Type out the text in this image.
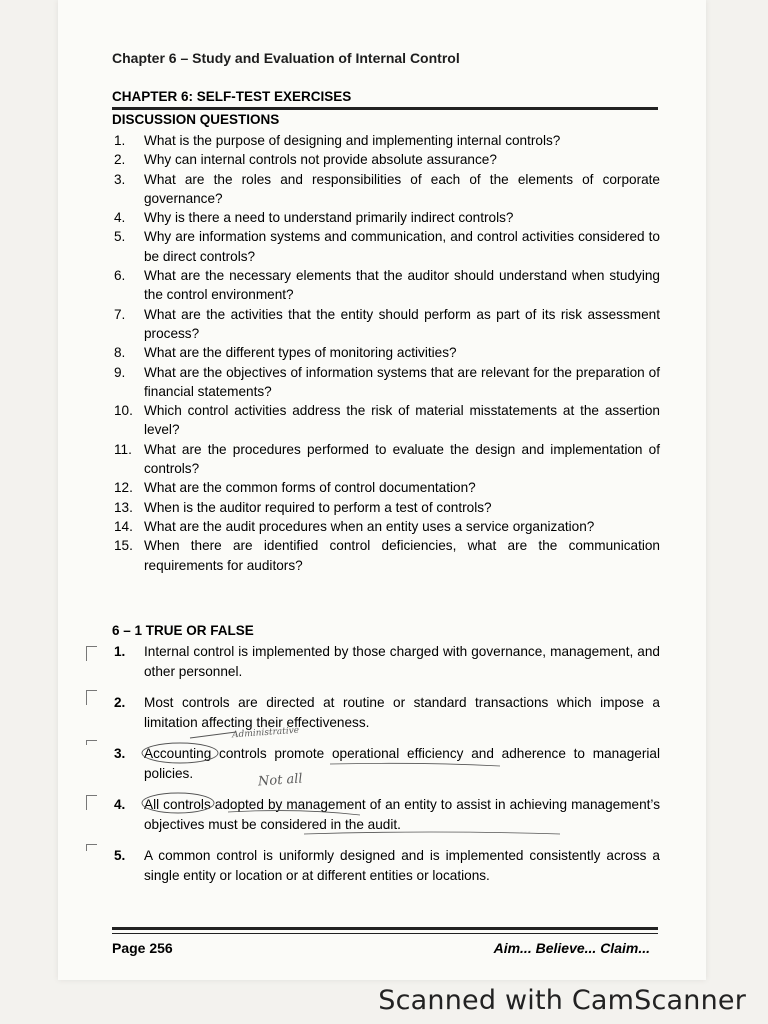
Chapter 6 – Study and Evaluation of Internal Control
CHAPTER 6: SELF-TEST EXERCISES
DISCUSSION QUESTIONS
1. What is the purpose of designing and implementing internal controls?
2. Why can internal controls not provide absolute assurance?
3. What are the roles and responsibilities of each of the elements of corporate governance?
4. Why is there a need to understand primarily indirect controls?
5. Why are information systems and communication, and control activities considered to be direct controls?
6. What are the necessary elements that the auditor should understand when studying the control environment?
7. What are the activities that the entity should perform as part of its risk assessment process?
8. What are the different types of monitoring activities?
9. What are the objectives of information systems that are relevant for the preparation of financial statements?
10. Which control activities address the risk of material misstatements at the assertion level?
11. What are the procedures performed to evaluate the design and implementation of controls?
12. What are the common forms of control documentation?
13. When is the auditor required to perform a test of controls?
14. What are the audit procedures when an entity uses a service organization?
15. When there are identified control deficiencies, what are the communication requirements for auditors?
6 – 1 TRUE OR FALSE
1. Internal control is implemented by those charged with governance, management, and other personnel.
2. Most controls are directed at routine or standard transactions which impose a limitation affecting their effectiveness.
3. Accounting controls promote operational efficiency and adherence to managerial policies.
4. All controls adopted by management of an entity to assist in achieving management’s objectives must be considered in the audit.
5. A common control is uniformly designed and is implemented consistently across a single entity or location or at different entities or locations.
Administrative
Not all
Page 256	Aim... Believe... Claim...
Scanned with CamScanner
